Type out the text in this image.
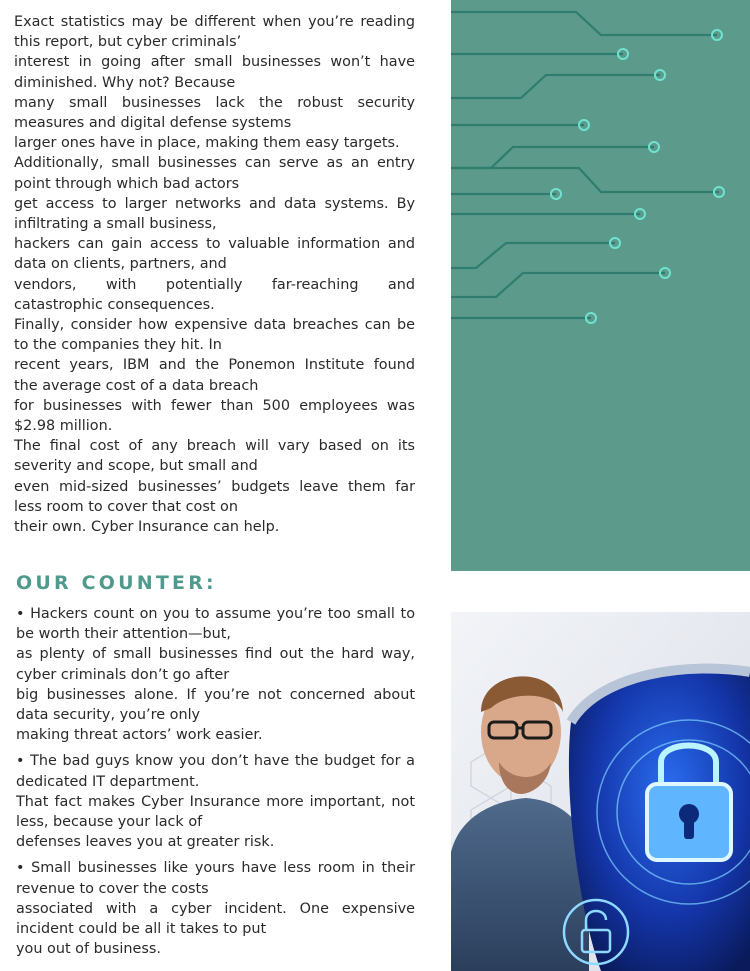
Exact statistics may be different when you’re reading

this report, but cyber criminals’

interest in going after small businesses won’t have

diminished. Why not? Because

many small businesses lack the robust security

measures and digital defense systems

larger ones have in place, making them easy targets.

Additionally, small businesses can serve as an entry

point through which bad actors

get access to larger networks and data systems. By

infiltrating a small business,

hackers can gain access to valuable information and

data on clients, partners, and

vendors, with potentially far-reaching and

catastrophic consequences.

Finally, consider how expensive data breaches can be

to the companies they hit. In

recent years, IBM and the Ponemon Institute found

the average cost of a data breach

for businesses with fewer than 500 employees was

$2.98 million.

The final cost of any breach will vary based on its

severity and scope, but small and

even mid-sized businesses’ budgets leave them far

less room to cover that cost on

their own. Cyber Insurance can help.

OUR COUNTER:

• Hackers count on you to assume you’re too small to

be worth their attention—but,

as plenty of small businesses find out the hard way,

cyber criminals don’t go after

big businesses alone. If you’re not concerned about

data security, you’re only

making threat actors’ work easier.

• The bad guys know you don’t have the budget for a

dedicated IT department.

That fact makes Cyber Insurance more important, not

less, because your lack of

defenses leaves you at greater risk.

• Small businesses like yours have less room in their

revenue to cover the costs

associated with a cyber incident. One expensive

incident could be all it takes to put

you out of business.
